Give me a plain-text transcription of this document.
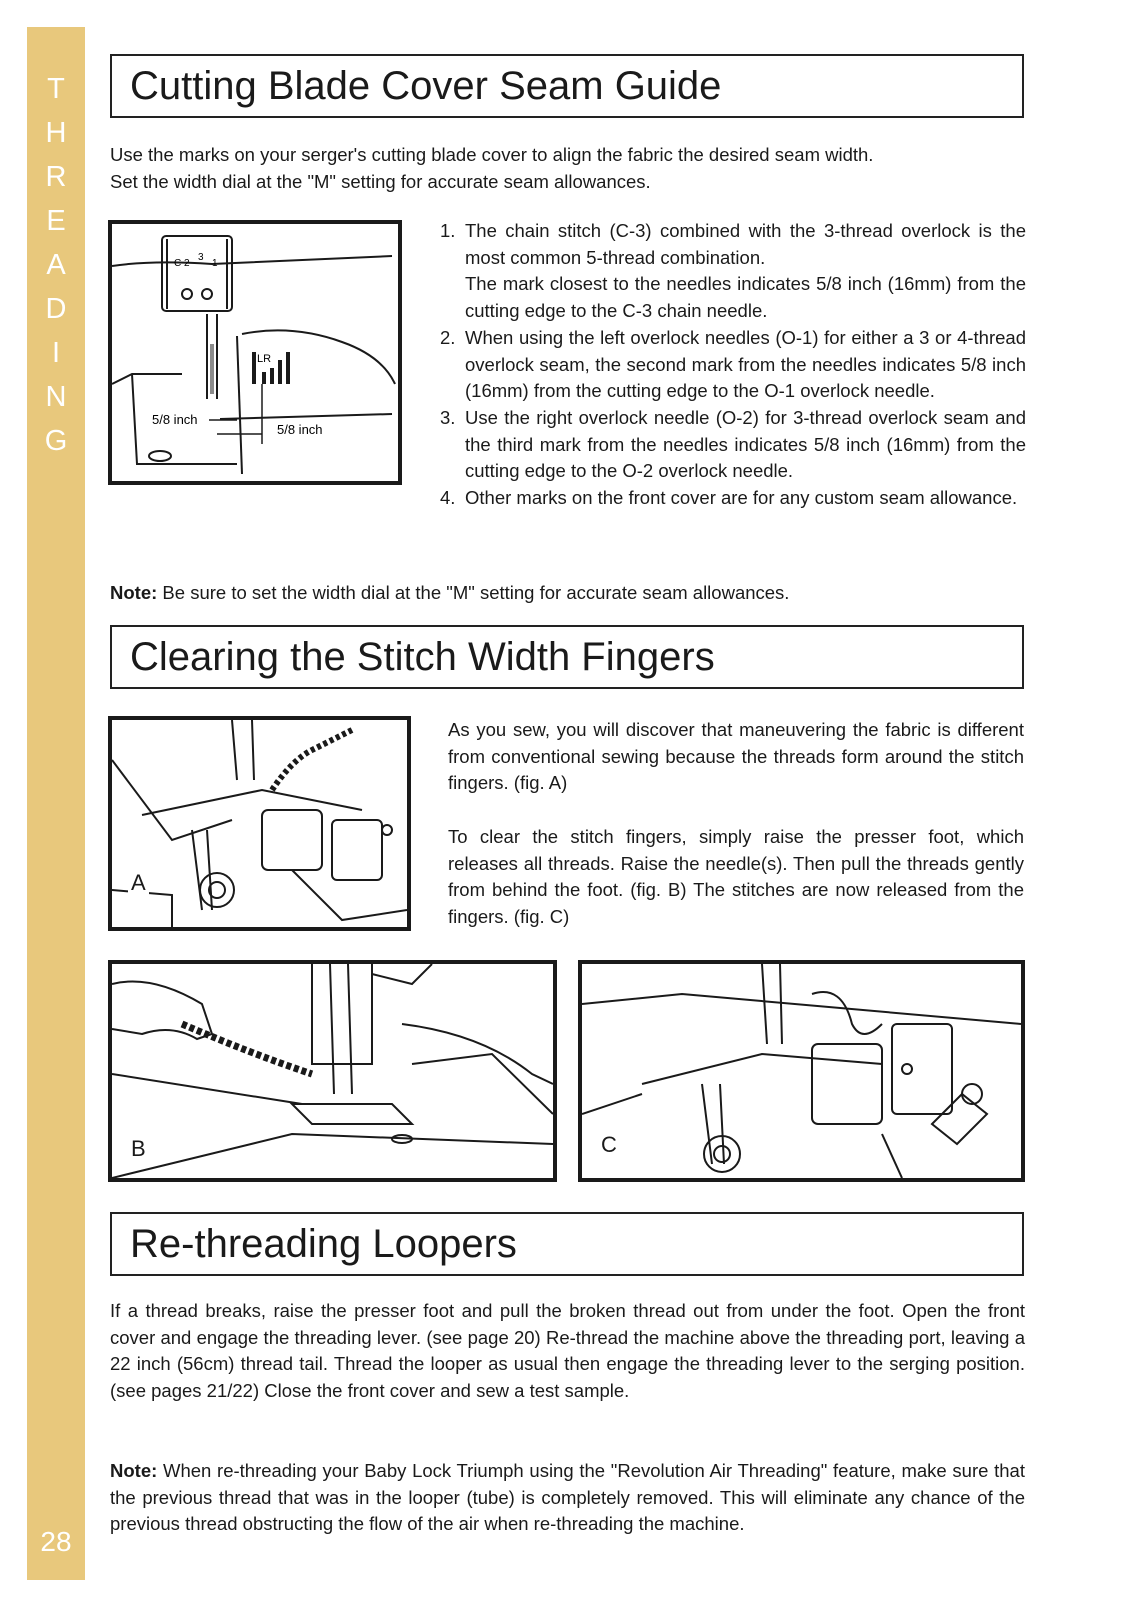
T
H
R
E
A
D
I
N
G
28
Cutting Blade Cover Seam Guide

Use the marks on your serger's cutting blade cover to align the fabric the desired seam width.
Set the width dial at the "M" setting for accurate seam allowances.

LR
5/8 inch
5/8 inch
C 2
3
1
1. The chain stitch (C-3) combined with the 3-thread overlock is the most common 5-thread combination.
The mark closest to the needles indicates 5/8 inch (16mm) from the cutting edge to the C-3 chain needle.
2. When using the left overlock needles (O-1) for either a 3 or 4-thread overlock seam, the second mark from the needles indicates 5/8 inch (16mm) from the cutting edge to the O-1 overlock needle.
3. Use the right overlock needle (O-2) for 3-thread overlock seam and the third mark from the needles indicates 5/8 inch (16mm) from the cutting edge to the O-2 overlock needle.
4. Other marks on the front cover are for any custom seam allowance.

Note: Be sure to set the width dial at the "M" setting for accurate seam allowances.

Clearing the Stitch Width Fingers
A

As you sew, you will discover that maneuvering the fabric is different from conventional sewing because the threads form around the stitch fingers. (fig. A)

To clear the stitch fingers, simply raise the presser foot, which releases all threads. Raise the needle(s). Then pull the threads gently from behind the foot. (fig. B) The stitches are now released from the fingers. (fig. C)

B	C
Re-threading Loopers

If a thread breaks, raise the presser foot and pull the broken thread out from under the foot. Open the front cover and engage the threading lever. (see page 20) Re-thread the machine above the threading port, leaving a 22 inch (56cm) thread tail. Thread the looper as usual then engage the threading lever to the serging position. (see pages 21/22) Close the front cover and sew a test sample.

Note: When re-threading your Baby Lock Triumph using the "Revolution Air Threading" feature, make sure that the previous thread that was in the looper (tube) is completely removed. This will eliminate any chance of the previous thread obstructing the flow of the air when re-threading the machine.
